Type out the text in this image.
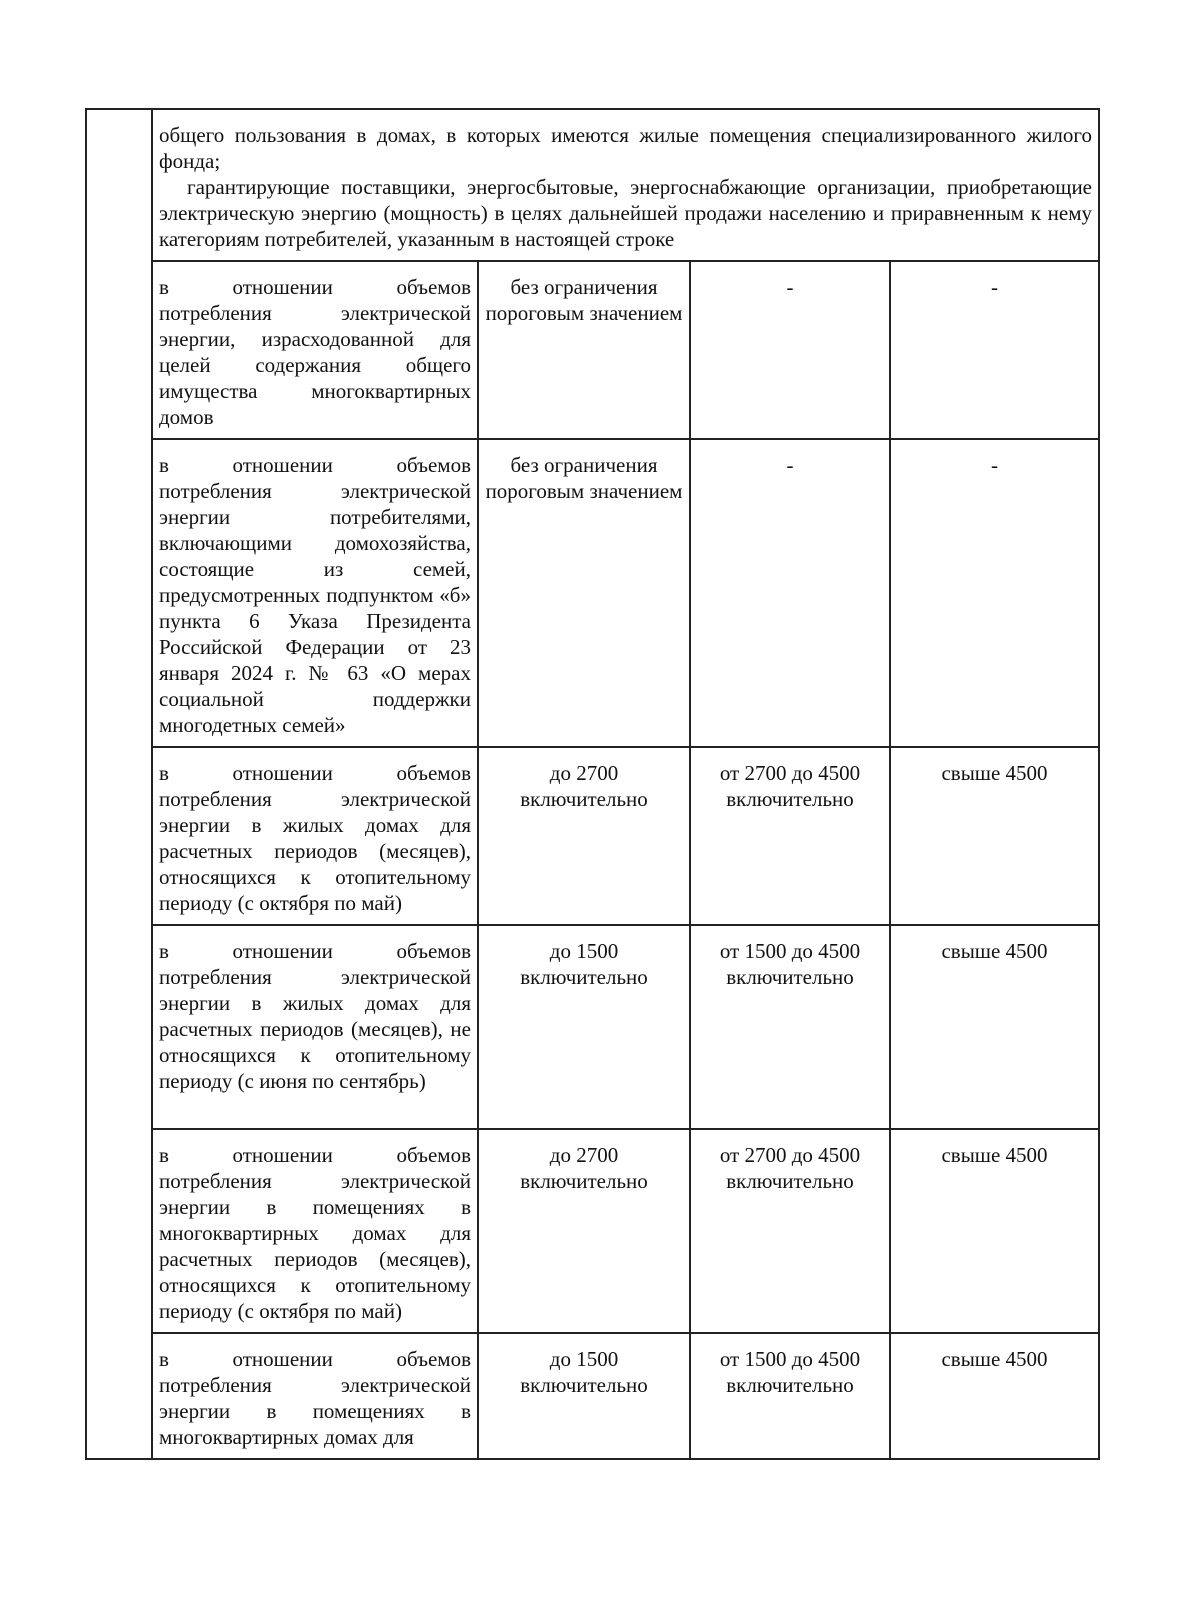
	общего пользования в домах, в которых имеются жилые помещения специализированного жилого фонда;

гарантирующие поставщики, энергосбытовые, энергоснабжающие организации, приобретающие электрическую энергию (мощность) в целях дальнейшей продажи населению и приравненным к нему категориям потребителей, указанным в настоящей строке			

	в отношении объемов потребления электрической энергии, израсходованной для целей содержания общего имущества многоквартирных домов	без ограничения пороговым значением	-	-
	в отношении объемов потребления электрической энергии потребителями, включающими домохозяйства, состоящие из семей, предусмотренных подпунктом «б» пункта 6 Указа Президента Российской Федерации от 23 января 2024 г. № 63 «О мерах социальной поддержки многодетных семей»	без ограничения пороговым значением	-	-
	в отношении объемов потребления электрической энергии в жилых домах для расчетных периодов (месяцев), относящихся к отопительному периоду (с октября по май)	до 2700 включительно	от 2700 до 4500 включительно	свыше 4500
	в отношении объемов потребления электрической энергии в жилых домах для расчетных периодов (месяцев), не относящихся к отопительному периоду (с июня по сентябрь)	до 1500 включительно	от 1500 до 4500 включительно	свыше 4500
	в отношении объемов потребления электрической энергии в помещениях в многоквартирных домах для расчетных периодов (месяцев), относящихся к отопительному периоду (с октября по май)	до 2700 включительно	от 2700 до 4500 включительно	свыше 4500
	в отношении объемов потребления электрической энергии в помещениях в многоквартирных домах для	до 1500 включительно	от 1500 до 4500 включительно	свыше 4500
